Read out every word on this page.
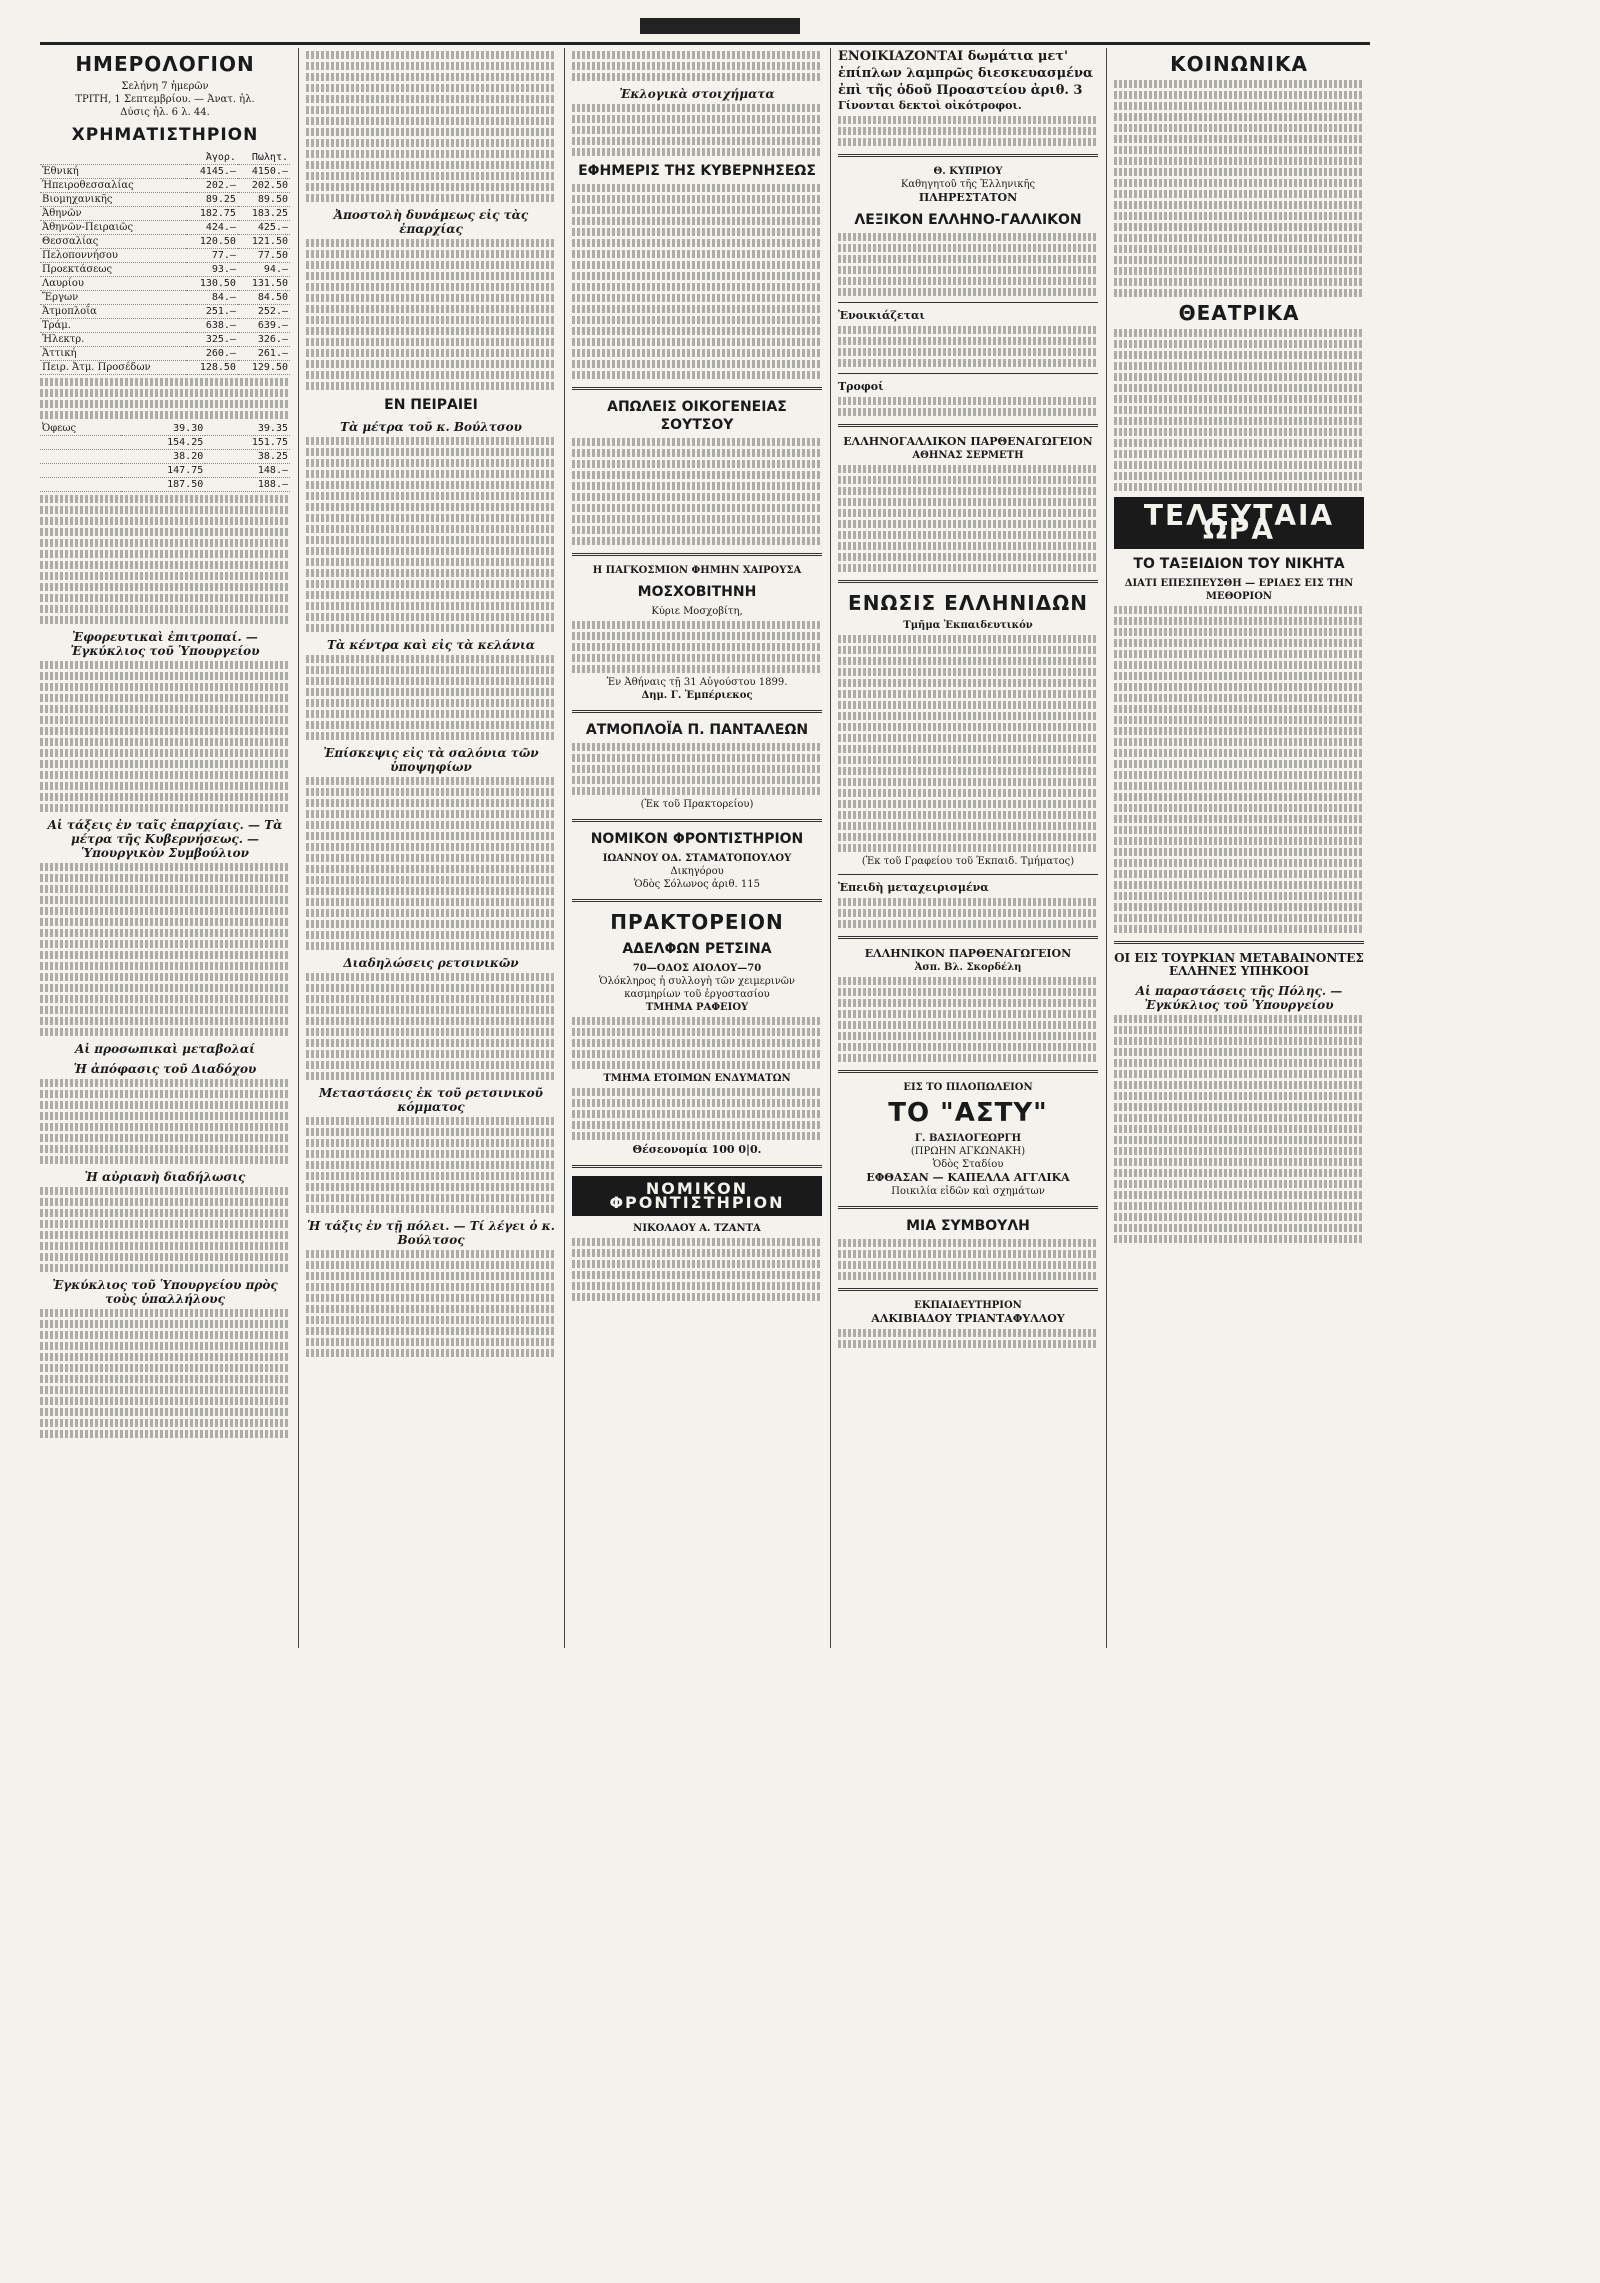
ΗΜΕΡΟΛΟΓΙΟΝ
Σελήνη 7 ἡμερῶν
ΤΡΙΤΗ, 1 Σεπτεμβρίου. — Ἀνατ. ἡλ.
Δύσις ἡλ. 6 λ. 44.
ΧΡΗΜΑΤΙΣΤΗΡΙΟΝ
	Ἀγορ.	Πωλητ.
Ἐθνική	4145.—	4150.—
Ἠπειροθεσσαλίας	202.—	202.50
Βιομηχανικῆς	89.25	89.50
Ἀθηνῶν	182.75	183.25
Ἀθηνῶν-Πειραιῶς	424.—	425.—
Θεσσαλίας	120.50	121.50
Πελοποννήσου	77.—	77.50
Προεκτάσεως	93.—	94.—
Λαυρίου	130.50	131.50
Ἔργων	84.—	84.50
Ἀτμοπλοΐα	251.—	252.—
Τράμ.	638.—	639.—
Ἠλεκτρ.	325.—	326.—
Ἀττική	260.—	261.—
Πειρ. Ἀτμ. Προσέδων	128.50	129.50
Ὀφεως	39.30	39.35
	154.25	151.75
	38.20	38.25
	147.75	148.—
	187.50	188.—
Ἐφορευτικαὶ ἐπιτροπαί. — Ἐγκύκλιος τοῦ Ὑπουργείου
Αἱ τάξεις ἐν ταῖς ἐπαρχίαις. — Τὰ μέτρα τῆς Κυβερνήσεως. — Ὑπουργικὸν Συμβούλιον
Αἱ προσωπικαὶ μεταβολαί
Ἡ ἀπόφασις τοῦ Διαδόχου
Ἡ αὐριανὴ διαδήλωσις
Ἐγκύκλιος τοῦ Ὑπουργείου πρὸς τοὺς ὑπαλλήλους
Ἀποστολὴ δυνάμεως εἰς τὰς ἐπαρχίας
ΕΝ ΠΕΙΡΑΙΕΙ
Τὰ μέτρα τοῦ κ. Βούλτσου
Τὰ κέντρα καὶ εἰς τὰ κελάνια
Ἐπίσκεψις εἰς τὰ σαλόνια τῶν ὑποψηφίων
Διαδηλώσεις ρετσινικῶν
Μεταστάσεις ἐκ τοῦ ρετσινικοῦ κόμματος
Ἡ τάξις ἐν τῇ πόλει. — Τί λέγει ὁ κ. Βούλτσος
Ἐκλογικὰ στοιχήματα
ΕΦΗΜΕΡΙΣ ΤΗΣ ΚΥΒΕΡΝΗΣΕΩΣ
ΑΠΩΛΕΙΣ ΟΙΚΟΓΕΝΕΙΑΣ ΣΟΥΤΣΟΥ
Η ΠΑΓΚΟΣΜΙΟΝ ΦΗΜΗΝ ΧΑΙΡΟΥΣΑ
ΜΟΣΧΟΒΙΤΗΝΗ
Κύριε Μοσχοβίτη,
Ἐν Ἀθήναις τῇ 31 Αὐγούστου 1899.
Δημ. Γ. Ἐμπέριεκος
ΑΤΜΟΠΛΟΪΑ Π. ΠΑΝΤΑΛΕΩΝ
(Ἐκ τοῦ Πρακτορείου)
ΝΟΜΙΚΟΝ ΦΡΟΝΤΙΣΤΗΡΙΟΝ
ΙΩΑΝΝΟΥ ΟΔ. ΣΤΑΜΑΤΟΠΟΥΛΟΥ
Δικηγόρου
Ὁδὸς Σόλωνος ἀριθ. 115
ΠΡΑΚΤΟΡΕΙΟΝ
ΑΔΕΛΦΩΝ ΡΕΤΣΙΝΑ
70—ΟΔΟΣ ΑΙΟΛΟΥ—70
Ὁλόκληρος ἡ συλλογὴ τῶν χειμερινῶν κασμηρίων τοῦ ἐργοστασίου
ΤΜΗΜΑ ΡΑΦΕΙΟΥ
ΤΜΗΜΑ ΕΤΟΙΜΩΝ ΕΝΔΥΜΑΤΩΝ
Θέσεονομία 100 0|0.
ΝΟΜΙΚΟΝ ΦΡΟΝΤΙΣΤΗΡΙΟΝ
ΝΙΚΟΛΑΟΥ Α. ΤΖΑΝΤΑ
ΕΝΟΙΚΙΑΖΟΝΤΑΙ δωμάτια μετ' ἐπίπλων λαμπρῶς διεσκευασμένα ἐπὶ τῆς ὁδοῦ Προαστείου ἀριθ. 3
Γίνονται δεκτοὶ οἰκότροφοι.
Θ. ΚΥΠΡΙΟΥ
Καθηγητοῦ τῆς Ἑλληνικῆς
ΠΛΗΡΕΣΤΑΤΟΝ
ΛΕΞΙΚΟΝ ΕΛΛΗΝΟ-ΓΑΛΛΙΚΟΝ
Ἐνοικιάζεται
Τροφοί
ΕΛΛΗΝΟΓΑΛΛΙΚΟΝ ΠΑΡΘΕΝΑΓΩΓΕΙΟΝ
ΑΘΗΝΑΣ ΣΕΡΜΕΤΗ
ΕΝΩΣΙΣ ΕΛΛΗΝΙΔΩΝ
Τμῆμα Ἐκπαιδευτικόν
(Ἐκ τοῦ Γραφείου τοῦ Ἐκπαιδ. Τμήματος)
Ἐπειδὴ μεταχειρισμένα
ΕΛΛΗΝΙΚΟΝ ΠΑΡΘΕΝΑΓΩΓΕΙΟΝ
Ἀσπ. Βλ. Σκορδέλη
ΕΙΣ ΤΟ ΠΙΛΟΠΩΛΕΙΟΝ
ΤΟ "ΑΣΤΥ"
Γ. ΒΑΣΙΛΟΓΕΩΡΓΗ
(ΠΡΩΗΝ ΑΓΚΩΝΑΚΗ)
Ὁδὸς Σταδίου
ΕΦΘΑΣΑΝ — ΚΑΠΕΛΛΑ ΑΓΓΛΙΚΑ
Ποικιλία εἰδῶν καὶ σχημάτων
ΜΙΑ ΣΥΜΒΟΥΛΗ
ΕΚΠΑΙΔΕΥΤΗΡΙΟΝ
ΑΛΚΙΒΙΑΔΟΥ ΤΡΙΑΝΤΑΦΥΛΛΟΥ
ΚΟΙΝΩΝΙΚΑ
ΘΕΑΤΡΙΚΑ
ΤΕΛΕΥΤΑΙΑ ΩΡΑ
ΤΟ ΤΑΞΕΙΔΙΟΝ ΤΟΥ ΝΙΚΗΤΑ
ΔΙΑΤΙ ΕΠΕΣΠΕΥΣΘΗ — ΕΡΙΔΕΣ ΕΙΣ ΤΗΝ ΜΕΘΟΡΙΟΝ
ΟΙ ΕΙΣ ΤΟΥΡΚΙΑΝ ΜΕΤΑΒΑΙΝΟΝΤΕΣ ΕΛΛΗΝΕΣ ΥΠΗΚΟΟΙ
Αἱ παραστάσεις τῆς Πόλης. — Ἐγκύκλιος τοῦ Ὑπουργείου
